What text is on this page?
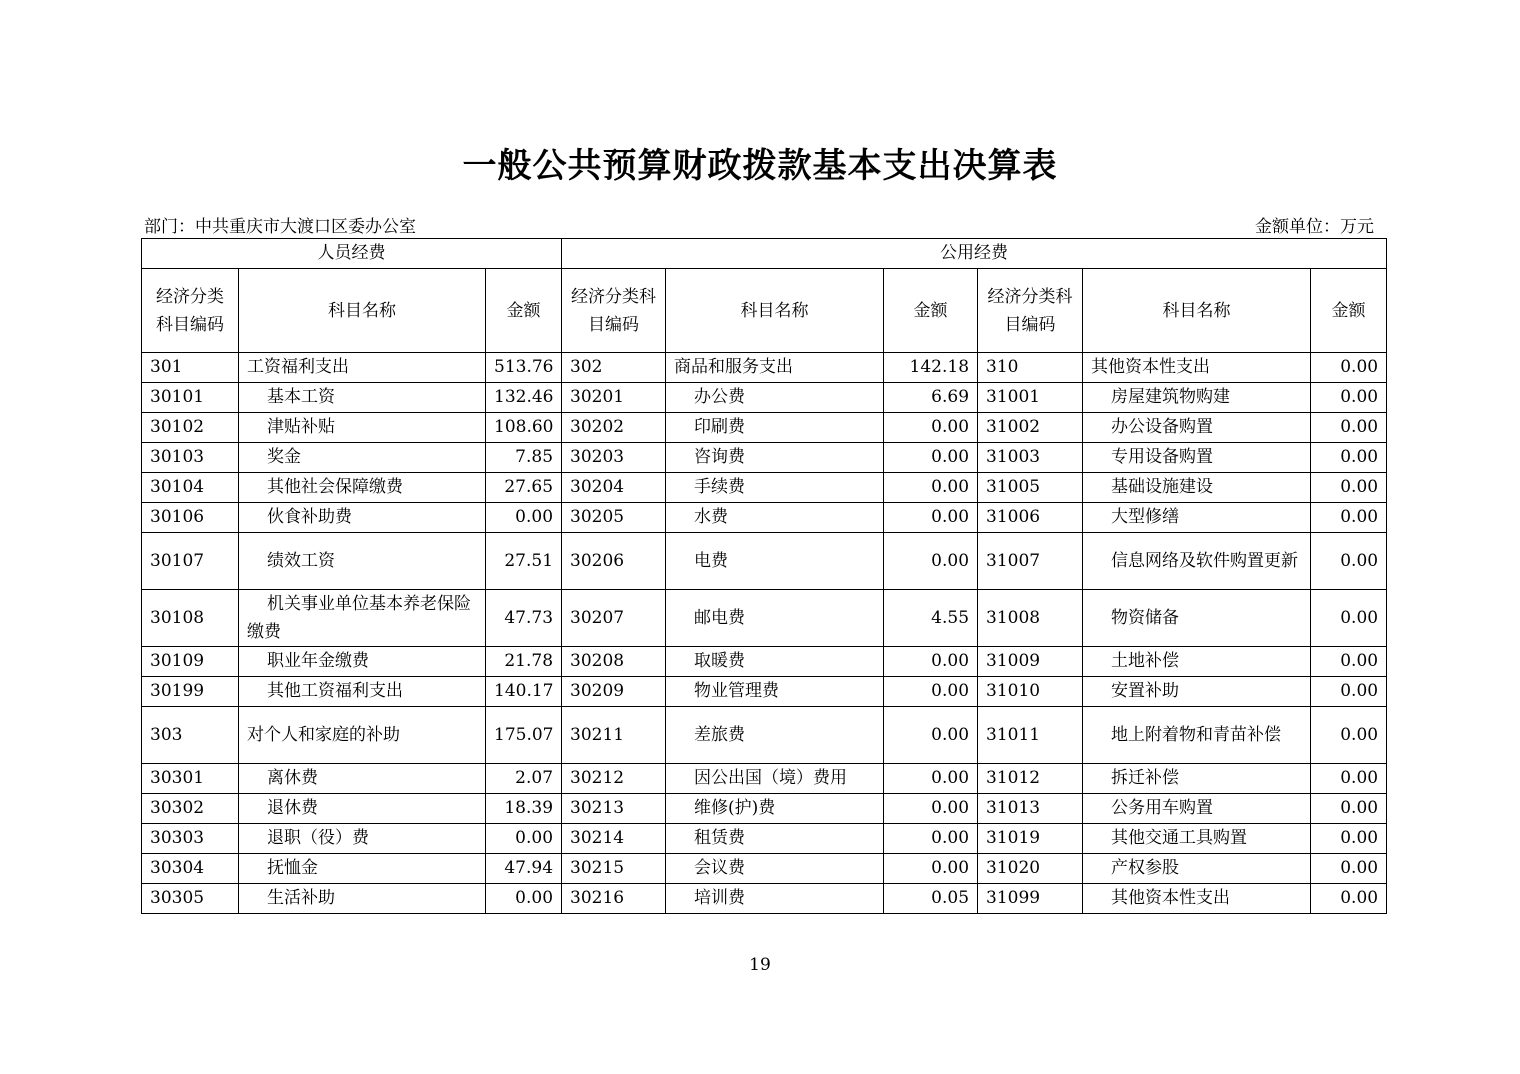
一般公共预算财政拨款基本支出决算表
部门：中共重庆市大渡口区委办公室	金额单位：万元
人员经费			公用经费					
经济分类科目编码	科目名称	金额	经济分类科目编码	科目名称	金额	经济分类科目编码	科目名称	金额
301	工资福利支出	513.76	302	商品和服务支出	142.18	310	其他资本性支出	0.00
30101	基本工资	132.46	30201	办公费	6.69	31001	房屋建筑物购建	0.00
30102	津贴补贴	108.60	30202	印刷费	0.00	31002	办公设备购置	0.00
30103	奖金	7.85	30203	咨询费	0.00	31003	专用设备购置	0.00
30104	其他社会保障缴费	27.65	30204	手续费	0.00	31005	基础设施建设	0.00
30106	伙食补助费	0.00	30205	水费	0.00	31006	大型修缮	0.00
30107	绩效工资	27.51	30206	电费	0.00	31007	信息网络及软件购置更新	0.00
30108	机关事业单位基本养老保险缴费	47.73	30207	邮电费	4.55	31008	物资储备	0.00
30109	职业年金缴费	21.78	30208	取暖费	0.00	31009	土地补偿	0.00
30199	其他工资福利支出	140.17	30209	物业管理费	0.00	31010	安置补助	0.00
303	对个人和家庭的补助	175.07	30211	差旅费	0.00	31011	地上附着物和青苗补偿	0.00
30301	离休费	2.07	30212	因公出国（境）费用	0.00	31012	拆迁补偿	0.00
30302	退休费	18.39	30213	维修(护)费	0.00	31013	公务用车购置	0.00
30303	退职（役）费	0.00	30214	租赁费	0.00	31019	其他交通工具购置	0.00
30304	抚恤金	47.94	30215	会议费	0.00	31020	产权参股	0.00
30305	生活补助	0.00	30216	培训费	0.05	31099	其他资本性支出	0.00
19
